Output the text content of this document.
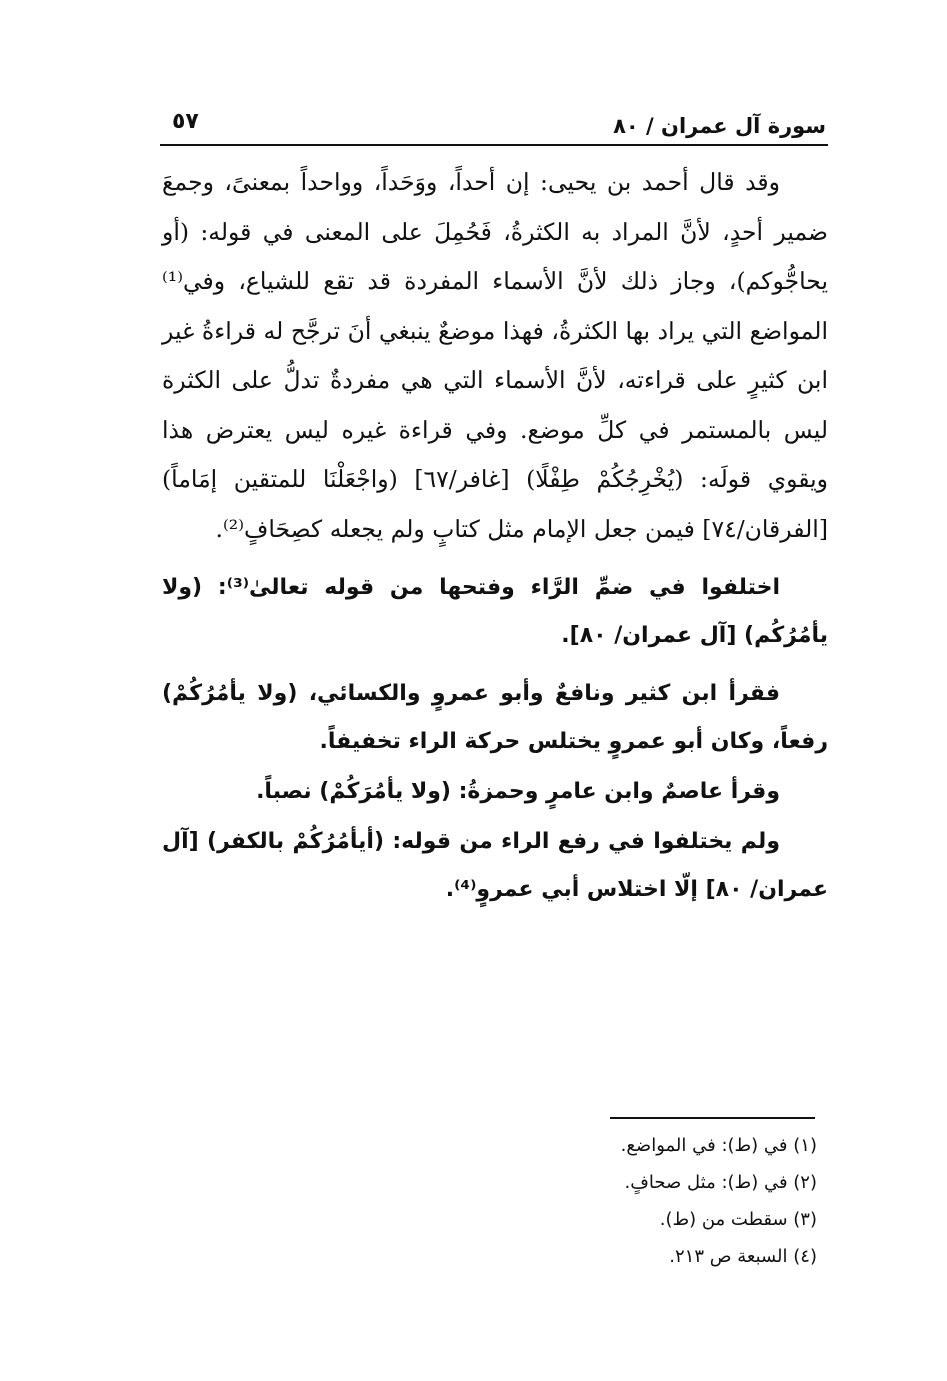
سورة آل عمران / ٨٠
٥٧

وقد قال أحمد بن يحيى: إن أحداً، ووَحَداً، وواحداً بمعنىً، وجمعَ ضمير أحدٍ، لأنَّ المراد به الكثرةُ، فَحُمِلَ على المعنى في قوله: (أو يحاجُّوكم)، وجاز ذلك لأنَّ الأسماء المفردة قد تقع للشياع، وفي⁽¹⁾ المواضع التي يراد بها الكثرةُ، فهذا موضعٌ ينبغي أنَ ترجَّح له قراءةُ غير ابن كثيرٍ على قراءته، لأنَّ الأسماء التي هي مفردةٌ تدلُّ على الكثرة ليس بالمستمر في كلِّ موضع. وفي قراءة غيره ليس يعترض هذا ويقوي قولَه: (يُخْرِجُكُمْ طِفْلًا) [غافر/٦٧] (واجْعَلْنَا للمتقين إمَاماً) [الفرقان/٧٤] فيمن جعل الإمام مثل كتابٍ ولم يجعله كصِحَافٍ⁽²⁾.

اختلفوا في ضمِّ الرَّاء وفتحها من قوله تعالىٰ⁽³⁾: (ولا يأمُرُكُم) [آل عمران/ ٨٠].

فقرأ ابن كثير ونافعٌ وأبو عمروٍ والكسائي، (ولا يأمُرُكُمْ) رفعاً، وكان أبو عمروٍ يختلس حركة الراء تخفيفاً.

وقرأ عاصمٌ وابن عامرٍ وحمزةُ: (ولا يأمُرَكُمْ) نصباً.

ولم يختلفوا في رفع الراء من قوله: (أيأمُرُكُمْ بالكفر) [آل عمران/ ٨٠] إلّا اختلاس أبي عمروٍ⁽⁴⁾.

(١) في (ط): في المواضع.
(٢) في (ط): مثل صحافٍ.
(٣) سقطت من (ط).
(٤) السبعة ص ٢١٣.
